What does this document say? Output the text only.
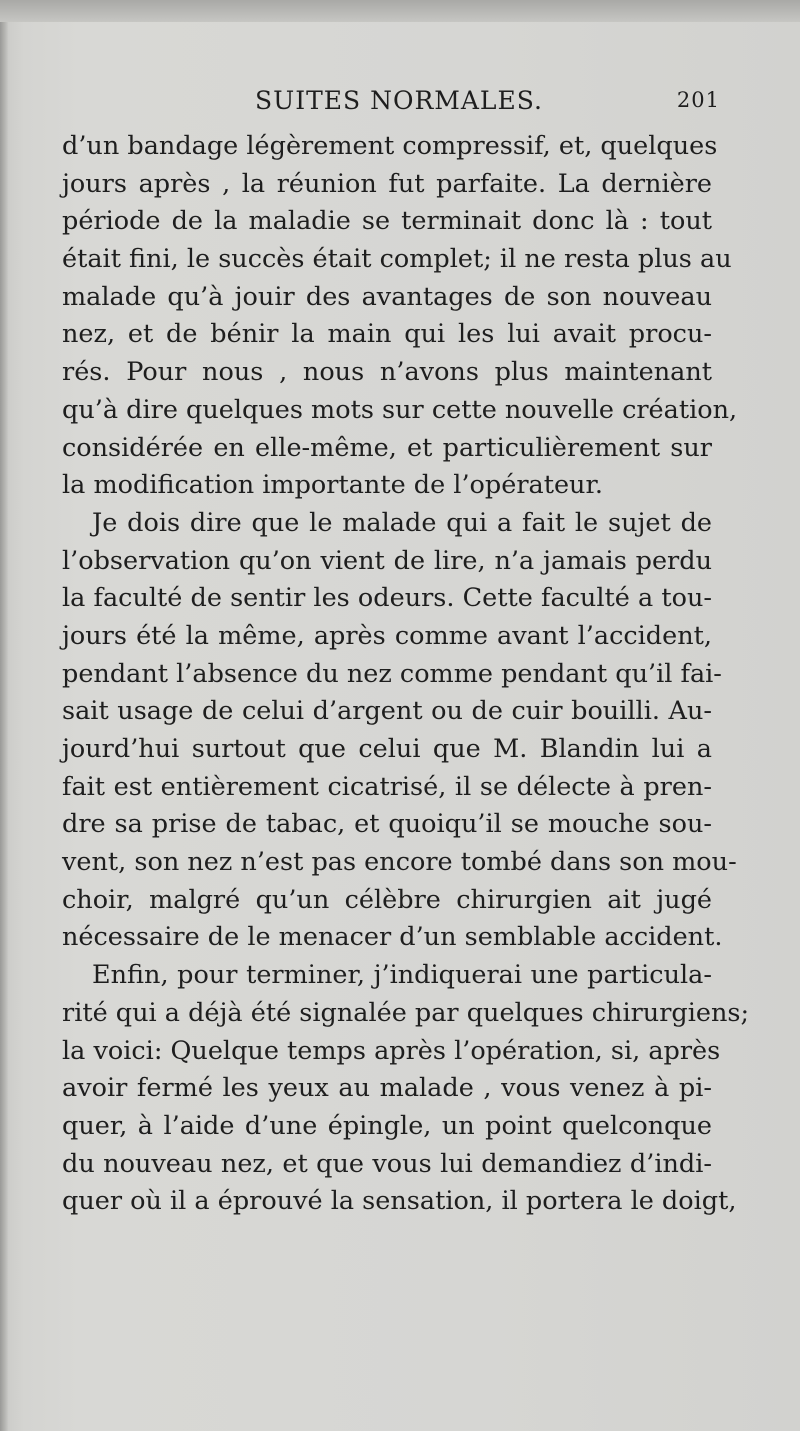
SUITES NORMALES.	201
d’un bandage légèrement compressif, et, quelques
jours après , la réunion fut parfaite. La dernière
période de la maladie se terminait donc là : tout
était fini, le succès était complet; il ne resta plus au
malade qu’à jouir des avantages de son nouveau
nez, et de bénir la main qui les lui avait procu-
rés. Pour nous , nous n’avons plus maintenant
qu’à dire quelques mots sur cette nouvelle création,
considérée en elle-même, et particulièrement sur
la modification importante de l’opérateur.
Je dois dire que le malade qui a fait le sujet de
l’observation qu’on vient de lire, n’a jamais perdu
la faculté de sentir les odeurs. Cette faculté a tou-
jours été la même, après comme avant l’accident,
pendant l’absence du nez comme pendant qu’il fai-
sait usage de celui d’argent ou de cuir bouilli. Au-
jourd’hui surtout que celui que M. Blandin lui a
fait est entièrement cicatrisé, il se délecte à pren-
dre sa prise de tabac, et quoiqu’il se mouche sou-
vent, son nez n’est pas encore tombé dans son mou-
choir, malgré qu’un célèbre chirurgien ait jugé
nécessaire de le menacer d’un semblable accident.
Enfin, pour terminer, j’indiquerai une particula-
rité qui a déjà été signalée par quelques chirurgiens;
la voici: Quelque temps après l’opération, si, après
avoir fermé les yeux au malade , vous venez à pi-
quer, à l’aide d’une épingle, un point quelconque
du nouveau nez, et que vous lui demandiez d’indi-
quer où il a éprouvé la sensation, il portera le doigt,
